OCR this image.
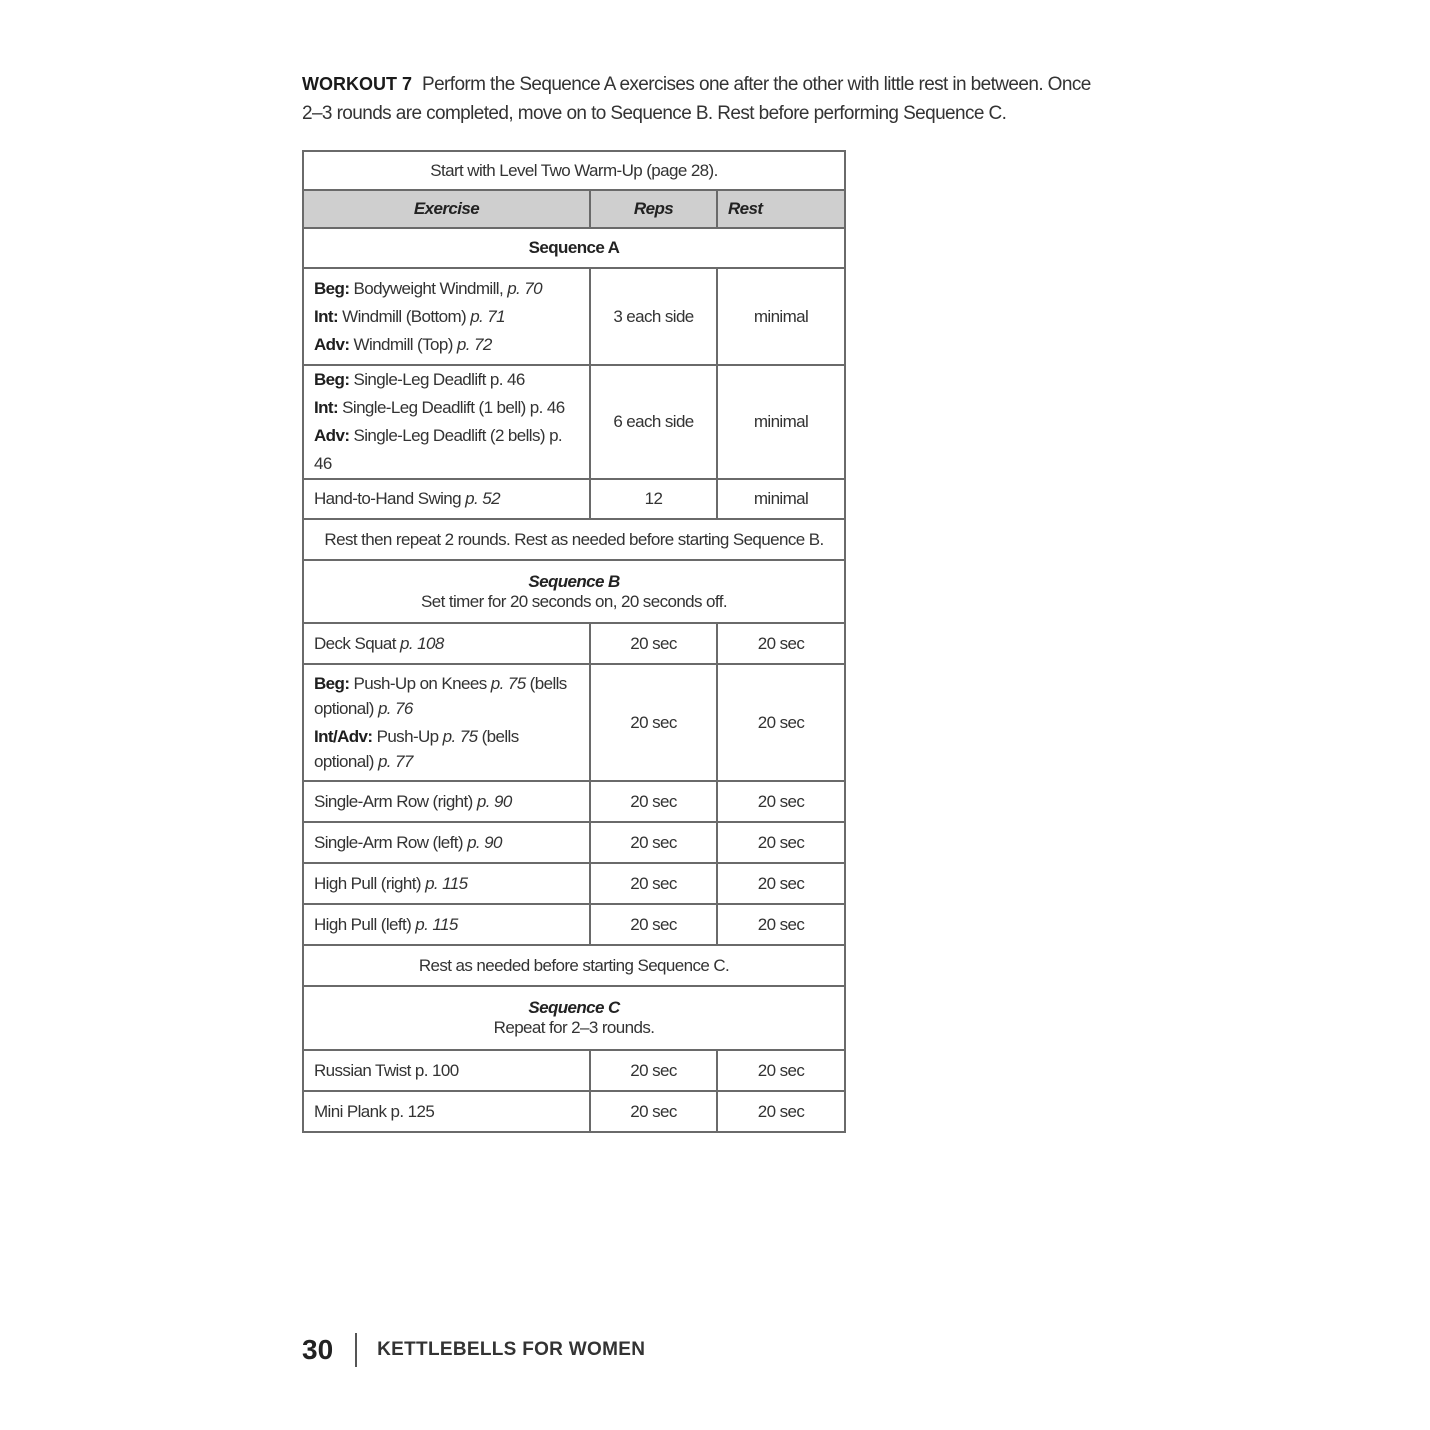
WORKOUT 7 Perform the Sequence A exercises one after the other with little rest in between. Once 2–3 rounds are completed, move on to Sequence B. Rest before performing Sequence C.
Start with Level Two Warm-Up (page 28).		
Exercise	Reps	Rest

Sequence A		

Beg: Bodyweight Windmill, p. 70
Int: Windmill (Bottom) p. 71
Adv: Windmill (Top) p. 72	3 each side	minimal

Beg: Single-Leg Deadlift p. 46
Int: Single-Leg Deadlift (1 bell) p. 46
Adv: Single-Leg Deadlift (2 bells) p. 46	6 each side	minimal
Hand-to-Hand Swing p. 52	12	minimal
Rest then repeat 2 rounds. Rest as needed before starting Sequence B.		

Sequence B
Set timer for 20 seconds on, 20 seconds off.		
Deck Squat p. 108	20 sec	20 sec

Beg: Push-Up on Knees p. 75 (bells optional) p. 76
Int/Adv: Push-Up p. 75 (bells optional) p. 77	20 sec	20 sec
Single-Arm Row (right) p. 90	20 sec	20 sec
Single-Arm Row (left) p. 90	20 sec	20 sec
High Pull (right) p. 115	20 sec	20 sec
High Pull (left) p. 115	20 sec	20 sec
Rest as needed before starting Sequence C.		

Sequence C
Repeat for 2–3 rounds.		
Russian Twist p. 100	20 sec	20 sec
Mini Plank p. 125	20 sec	20 sec
30 KETTLEBELLS FOR WOMEN
